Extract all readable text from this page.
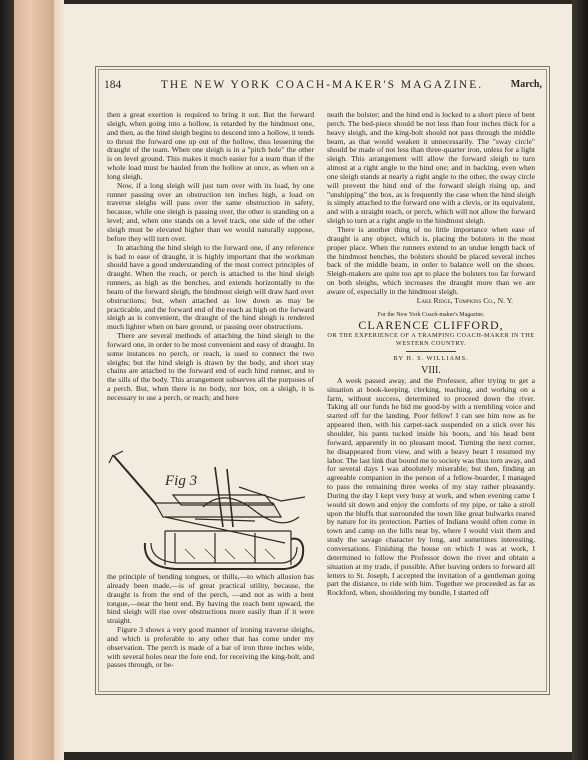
184	THE NEW YORK COACH-MAKER'S MAGAZINE.	March,

then a great exertion is required to bring it out. But the forward sleigh, when going into a hollow, is retarded by the hindmost one, and then, as the hind sleigh begins to descend into a hollow, it tends to thrust the forward one up out of the hollow, thus lessening the draught of the team. When one sleigh is in a "pitch hole" the other is on level ground. This makes it much easier for a team than if the whole load must be hauled from the hollow at once, as when on a long sleigh.

Now, if a long sleigh will just turn over with its load, by one runner passing over an obstruction ten inches high, a load on traverse sleighs will pass over the same obstruction in safety, because, while one sleigh is passing over, the other is standing on a level; and, when one stands on a level track, one side of the other sleigh must be elevated higher than we would naturally suppose, before they will turn over.

In attaching the hind sleigh to the forward one, if any reference is had to ease of draught, it is highly important that the workman should have a good understanding of the most correct principles of draught. When the reach, or perch is attached to the hind sleigh runners, as high as the benches, and extends horizontally to the beam of the forward sleigh, the hindmost sleigh will draw hard over obstructions; but, when attached as low down as may be practicable, and the forward end of the reach as high on the forward sleigh as is convenient, the draught of the hind sleigh is rendered much lighter when on bare ground, or passing over obstructions.

There are several methods of attaching the hind sleigh to the forward one, in order to be most convenient and easy of draught. In some instances no perch, or reach, is used to connect the two sleighs; but the hind sleigh is drawn by the body, and short stay chains are attached to the forward end of each hind runner, and to the sills of the body. This arrangement subserves all the purposes of a perch. But, when there is no body, nor box, on a sleigh, it is necessary to use a perch, or reach; and here

Fig 3

the principle of bending tongues, or thills,—to which allusion has already been made,—is of great practical utility, because, the draught is from the end of the perch, —and not as with a bent tongue,—near the bent end. By having the reach bent upward, the hind sleigh will rise over obstructions more easily than if it were straight.

Figure 3 shows a very good manner of ironing traverse sleighs, and which is preferable to any other that has come under my observation. The perch is made of a bar of iron three inches wide, with several holes near the fore end, for receiving the king-bolt, and passes through, or be-

neath the bolster; and the hind end is locked to a short piece of bent perch. The bed-piece should be not less than four inches thick for a heavy sleigh, and the king-bolt should not pass through the middle beam, as that would weaken it unnecessarily. The "sway circle" should be made of not less than three-quarter iron, unless for a light sleigh. This arrangement will allow the forward sleigh to turn almost at a right angle to the hind one; and in backing, even when one sleigh stands at nearly a right angle to the other, the sway circle will prevent the hind end of the forward sleigh rising up, and "unshipping" the box, as is frequently the case when the hind sleigh is simply attached to the forward one with a clevis, or its equivalent, and with a straight reach, or perch, which will not allow the forward sleigh to turn at a right angle to the hindmost sleigh.

There is another thing of no little importance when ease of draught is any object, which is, placing the bolsters in the most proper place. When the runners extend to an undue length back of the hindmost benches, the bolsters should be placed several inches back of the middle beam, in order to balance well on the shoes. Sleigh-makers are quite too apt to place the bolsters too far forward on both sleighs, which increases the draught more than we are aware of, especially in the hindmost sleigh.

Lake Ridge, Tompkins Co., N. Y.

For the New York Coach-maker's Magazine.
CLARENCE CLIFFORD,
OR THE EXPERIENCE OF A TRAMPING COACH-MAKER IN THE WESTERN COUNTRY.
BY H. S. WILLIAMS.
VIII.

A week passed away, and the Professor, after trying to get a situation at book-keeping, clerking, teaching, and working on a farm, without success, determined to proceed down the river. Taking all our funds he bid me good-by with a trembling voice and started off for the landing. Poor fellow! I can see him now as he appeared then, with his carpet-sack suspended on a stick over his shoulder, his pants tucked inside his boots, and his head bent forward, apparently in no pleasant mood. Turning the next corner, he disappeared from view, and with a heavy heart I resumed my labor. The last link that bound me to society was thus torn away, and for several days I was absolutely miserable; but then, finding an agreeable companion in the person of a fellow-boarder, I managed to pass the remaining three weeks of my stay rather pleasantly. During the day I kept very busy at work, and when evening came I would sit down and enjoy the comforts of my pipe, or take a stroll upon the bluffs that surrounded the town like great bulwarks reared by nature for its protection. Parties of Indians would often come in town and camp on the hills near by, where I would visit them and study the savage character by long, and sometimes interesting, conversations. Finishing the house on which I was at work, I determined to follow the Professor down the river and obtain a situation at my trade, if possible. After leaving orders to forward all letters to St. Joseph, I accepted the invitation of a gentleman going part the distance, to ride with him. Together we proceeded as far as Rockford, when, shouldering my bundle, I started off
